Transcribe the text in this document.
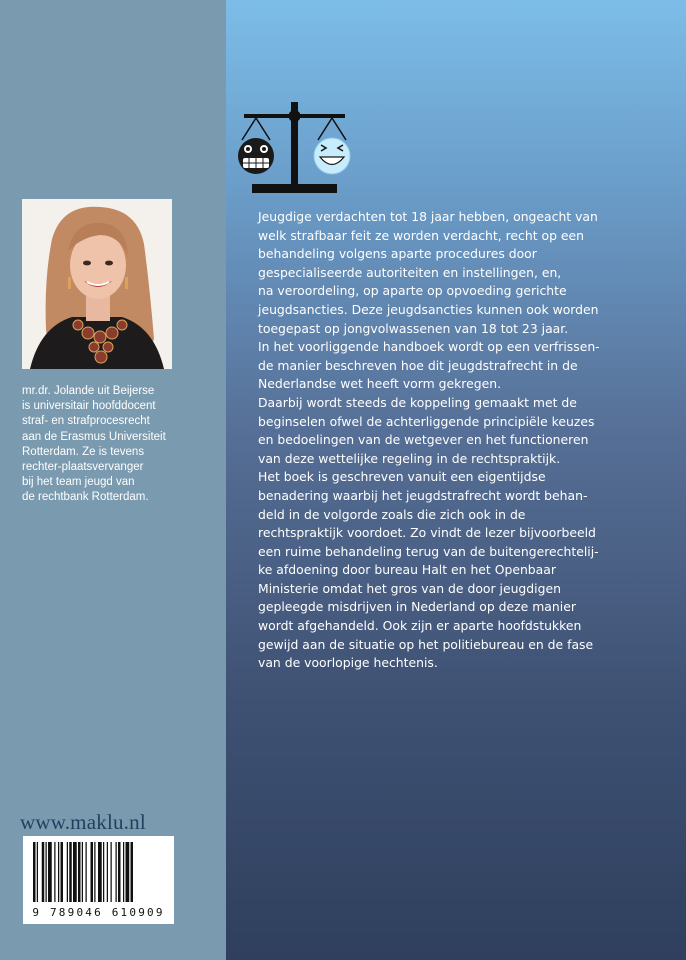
mr.dr. Jolande uit Beijerse
is universitair hoofddocent
straf- en strafprocesrecht
aan de Erasmus Universiteit
Rotterdam. Ze is tevens
rechter-plaatsvervanger
bij het team jeugd van
de rechtbank Rotterdam.
www.maklu.nl
9 789046 610909
Jeugdige verdachten tot 18 jaar hebben, ongeacht van
welk strafbaar feit ze worden verdacht, recht op een
behandeling volgens aparte procedures door
gespecialiseerde autoriteiten en instellingen, en,
na veroordeling, op aparte op opvoeding gerichte
jeugdsancties. Deze jeugdsancties kunnen ook worden
toegepast op jongvolwassenen van 18 tot 23 jaar.
In het voorliggende handboek wordt op een verfrissen-
de manier beschreven hoe dit jeugdstrafrecht in de
Nederlandse wet heeft vorm gekregen.
Daarbij wordt steeds de koppeling gemaakt met de
beginselen ofwel de achterliggende principiële keuzes
en bedoelingen van de wetgever en het functioneren
van deze wettelijke regeling in de rechtspraktijk.
Het boek is geschreven vanuit een eigentijdse
benadering waarbij het jeugdstrafrecht wordt behan-
deld in de volgorde zoals die zich ook in de
rechtspraktijk voordoet. Zo vindt de lezer bijvoorbeeld
een ruime behandeling terug van de buitengerechtelij-
ke afdoening door bureau Halt en het Openbaar
Ministerie omdat het gros van de door jeugdigen
gepleegde misdrijven in Nederland op deze manier
wordt afgehandeld. Ook zijn er aparte hoofdstukken
gewijd aan de situatie op het politiebureau en de fase
van de voorlopige hechtenis.
